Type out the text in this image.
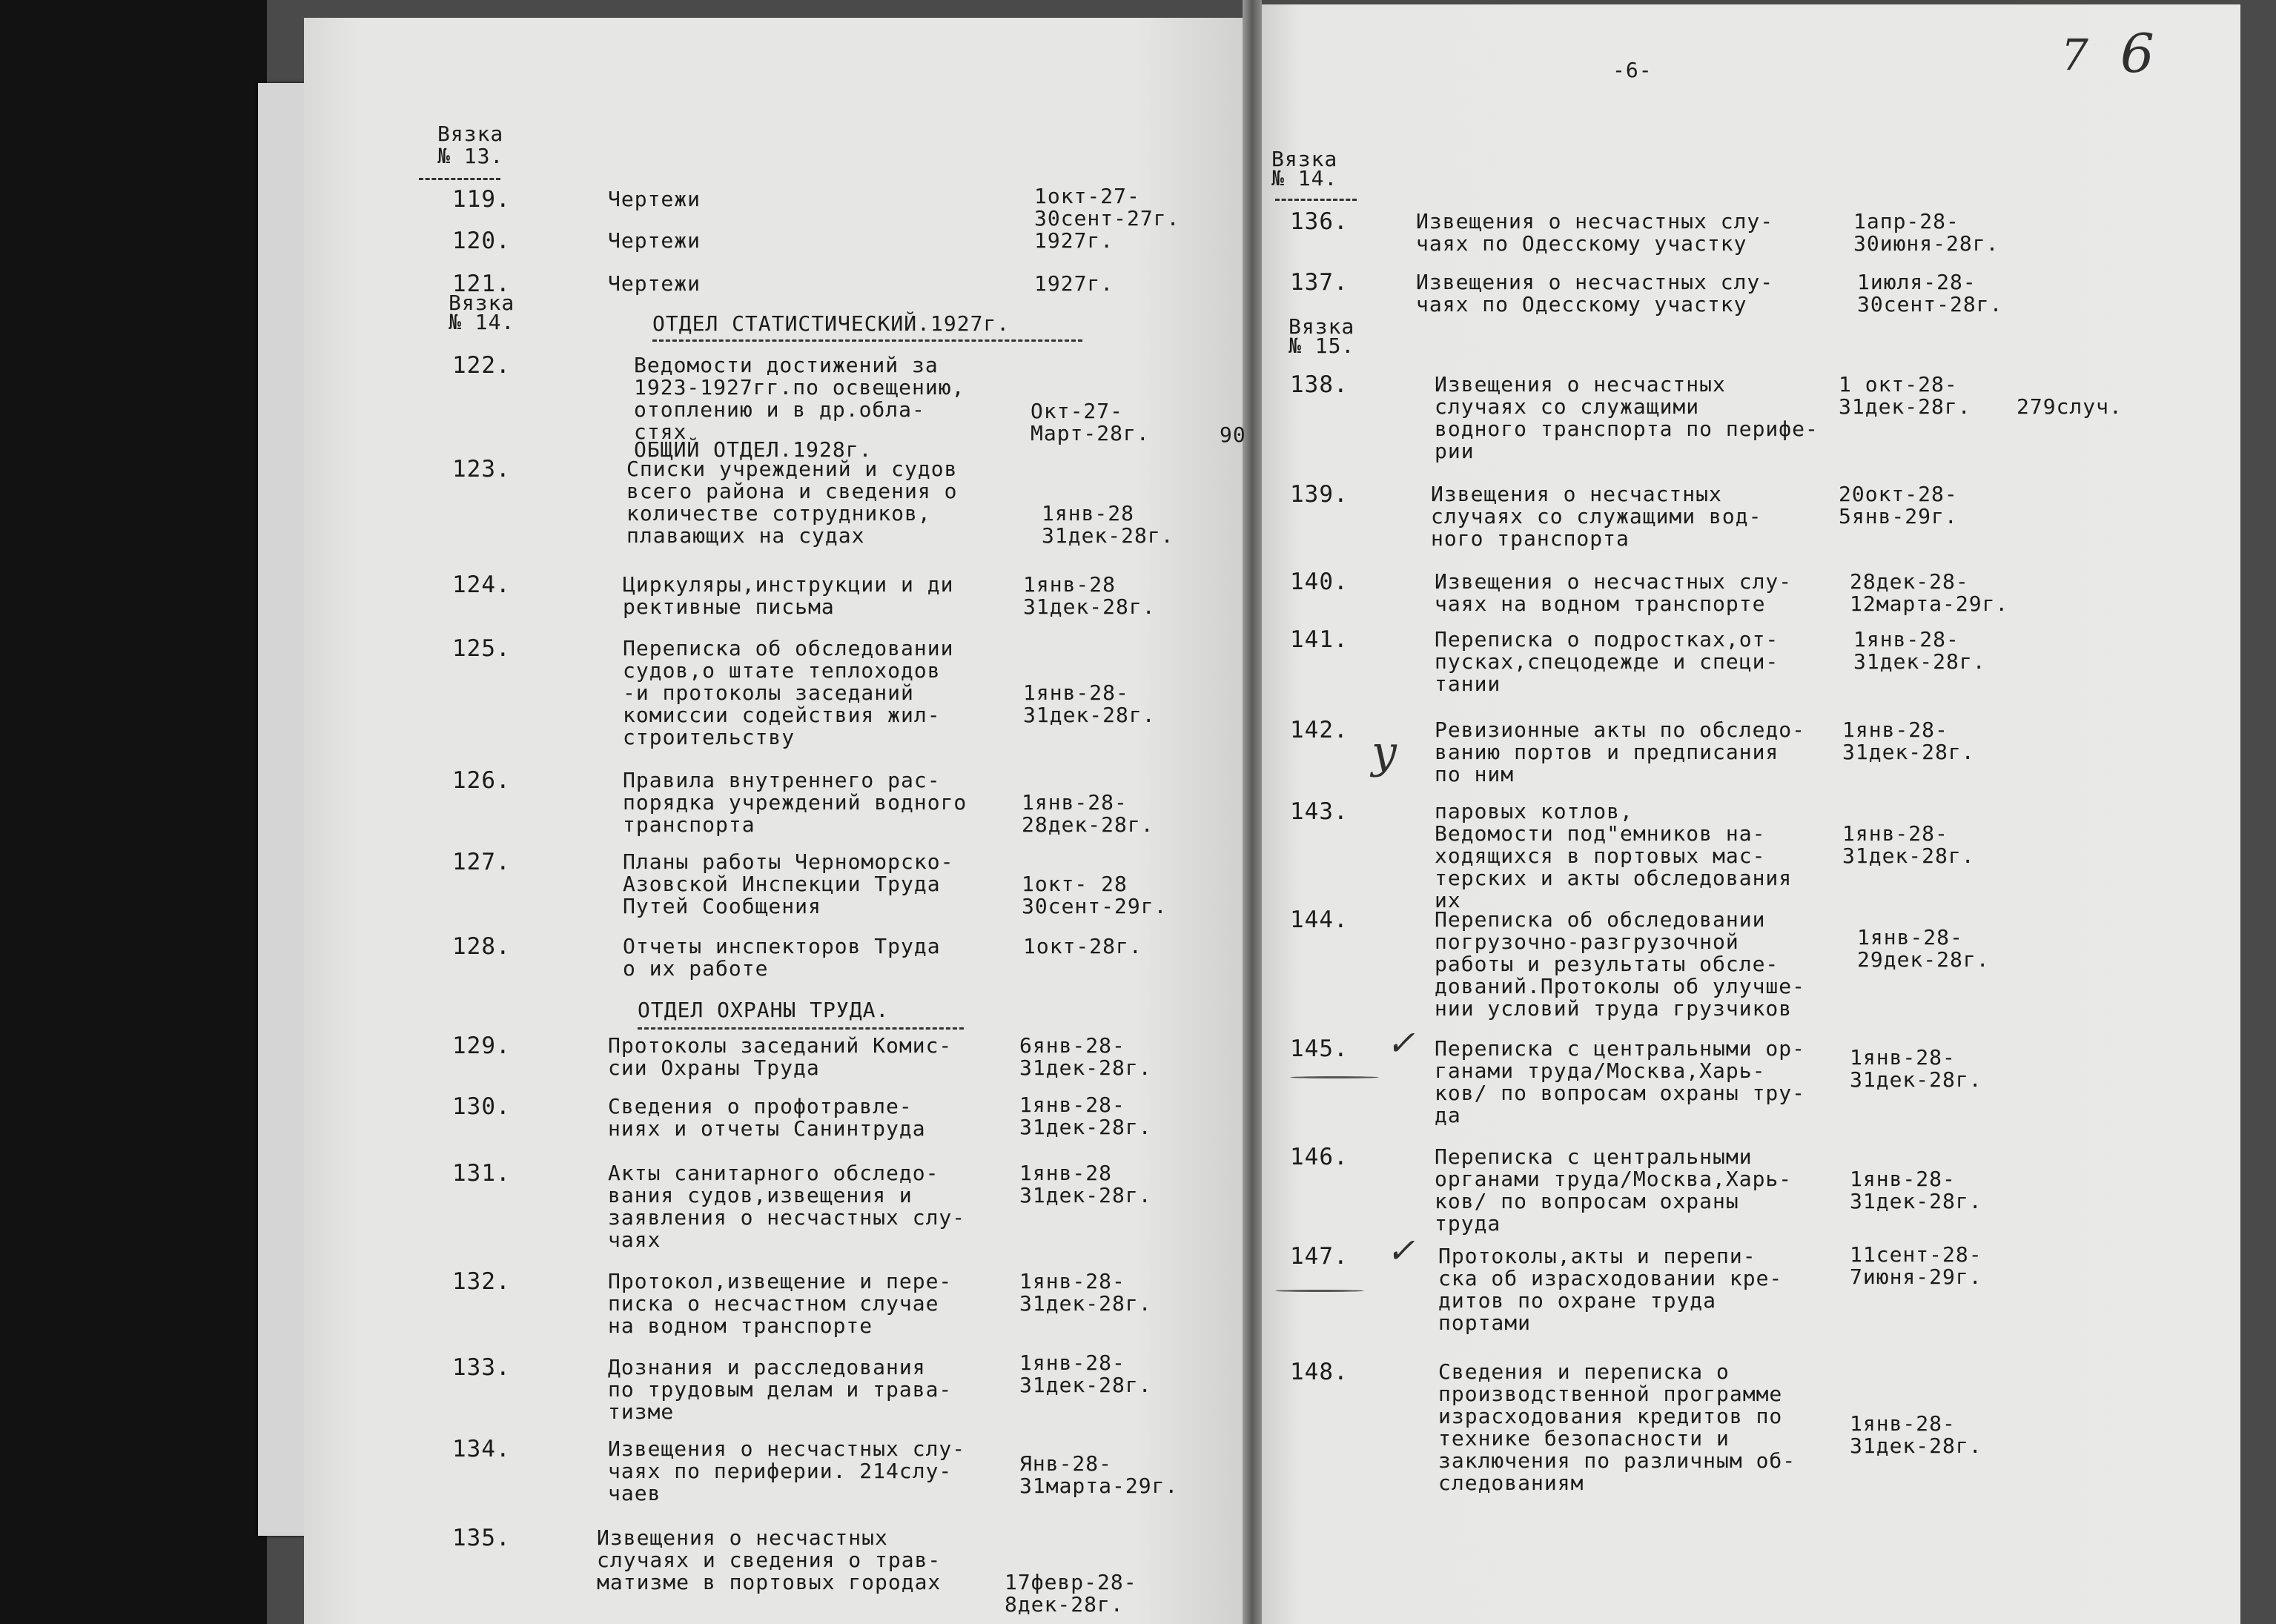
-6-	7 6
90
Вязка
№ 13.
Вязка
№ 14.	ОТДЕЛ СТАТИСТИЧЕСКИЙ.1927г.
119.	Чертежи	1окт-27-
30сент-27г.
120.	Чертежи	1927г.
121.	Чертежи	1927г.
122.	Ведомости достижений за
1923-1927гг.по освещению,
отоплению и в др.обла-
стях
Окт-27-
Март-28г.
123.	Списки учреждений и судов
всего района и сведения о
количестве сотрудников,
плавающих на судах
1янв-28
31дек-28г.
124.	Циркуляры,инструкции и ди
рективные письма
1янв-28
31дек-28г.
125.	Переписка об обследовании
судов,о штате теплоходов
-и протоколы заседаний
комиссии содействия жил-
строительству
1янв-28-
31дек-28г.
126.	Правила внутреннего рас-
порядка учреждений водного
транспорта
1янв-28-
28дек-28г.
127.	Планы работы Черноморско-
Азовской Инспекции Труда
Путей Сообщения
1окт- 28
30сент-29г.
128.	Отчеты инспекторов Труда
о их работе
1окт-28г.
129.	Протоколы заседаний Комис-
сии Охраны Труда
6янв-28-
31дек-28г.
130.	Сведения о профотравле-
ниях и отчеты Санинтруда
1янв-28-
31дек-28г.
131.	Акты санитарного обследо-
вания судов,извещения и
заявления о несчастных слу-
чаях
1янв-28
31дек-28г.
132.	Протокол,извещение и пере-
писка о несчастном случае
на водном транспорте
1янв-28-
31дек-28г.
133.	Дознания и расследования
по трудовым делам и трава-
тизме
1янв-28-
31дек-28г.
134.	Извещения о несчастных слу-
чаях по периферии. 214слу-
чаев
Янв-28-
31марта-29г.
135.	Извещения о несчастных
случаях и сведения о трав-
матизме в портовых городах	17февр-28-
8дек-28г.
ОБЩИЙ ОТДЕЛ.1928г.
ОТДЕЛ ОХРАНЫ ТРУДА.
Вязка
№ 14.
Вязка
№ 15.
136.	Извещения о несчастных слу-
чаях по Одесскому участку
1апр-28-
30июня-28г.
137.	Извещения о несчастных слу-
чаях по Одесскому участку
1июля-28-
30сент-28г.
138.	Извещения о несчастных
случаях со служащими
водного транспорта по перифе-
рии
1 окт-28-
31дек-28г. 279случ.
139.	Извещения о несчастных
случаях со служащими вод-
ного транспорта
20окт-28-
5янв-29г.
140.	Извещения о несчастных слу-
чаях на водном транспорте
28дек-28-
12марта-29г.
141.	Переписка о подростках,от-
пусках,спецодежде и специ-
тании
1янв-28-
31дек-28г.
142.	Ревизионные акты по обследо-
ванию портов и предписания
по ним
1янв-28-
31дек-28г.
143.	паровых котлов,
Ведомости под"емников на-
ходящихся в портовых мас-
терских и акты обследования
их
1янв-28-
31дек-28г.
144.	Переписка об обследовании
погрузочно-разгрузочной
работы и результаты обсле-
дований.Протоколы об улучше-
нии условий труда грузчиков
1янв-28-
29дек-28г.
145.	Переписка с центральными ор-
ганами труда/Москва,Харь-
ков/ по вопросам охраны тру-
да
1янв-28-
31дек-28г.
146.	Переписка с центральными
органами труда/Москва,Харь-
ков/ по вопросам охраны
труда
1янв-28-
31дек-28г.
147.	Протоколы,акты и перепи-
ска об израсходовании кре-
дитов по охране труда
портами
11сент-28-
7июня-29г.
148.	Сведения и переписка о
производственной программе
израсходования кредитов по
технике безопасности и
заключения по различным об-
следованиям
1янв-28-
31дек-28г.
у
✓
✓
